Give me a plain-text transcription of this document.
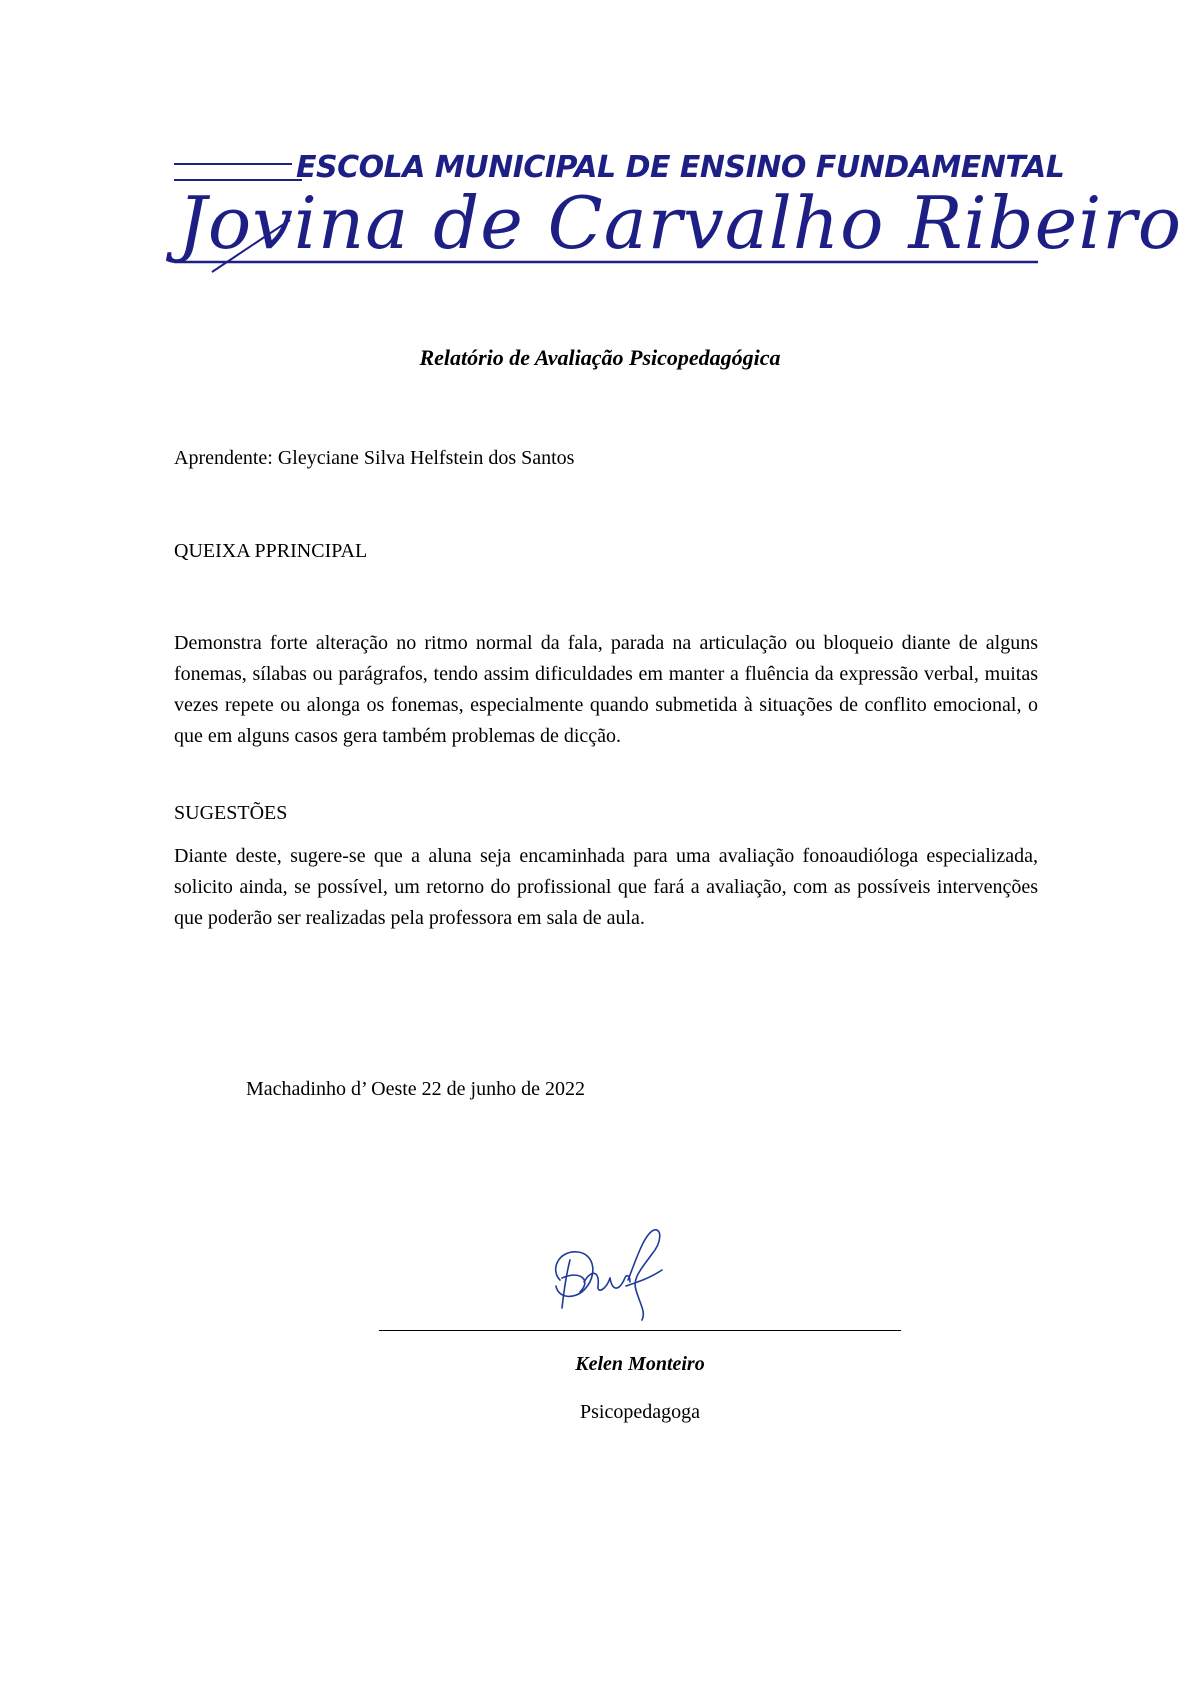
ESCOLA MUNICIPAL DE ENSINO FUNDAMENTAL
Jovina de Carvalho Ribeiro
Relatório de Avaliação Psicopedagógica
Aprendente: Gleyciane Silva Helfstein dos Santos
QUEIXA PPRINCIPAL
Demonstra forte alteração no ritmo normal da fala, parada na articulação ou bloqueio diante de alguns fonemas, sílabas ou parágrafos, tendo assim dificuldades em manter a fluência da expressão verbal, muitas vezes repete ou alonga os fonemas, especialmente quando submetida à situações de conflito emocional, o que em alguns casos gera também problemas de dicção.
SUGESTÕES
Diante deste, sugere-se que a aluna seja encaminhada para uma avaliação fonoaudióloga especializada, solicito ainda, se possível, um retorno do profissional que fará a avaliação, com as possíveis intervenções que poderão ser realizadas pela professora em sala de aula.
Machadinho d’ Oeste 22 de junho de 2022
Kelen Monteiro
Psicopedagoga
